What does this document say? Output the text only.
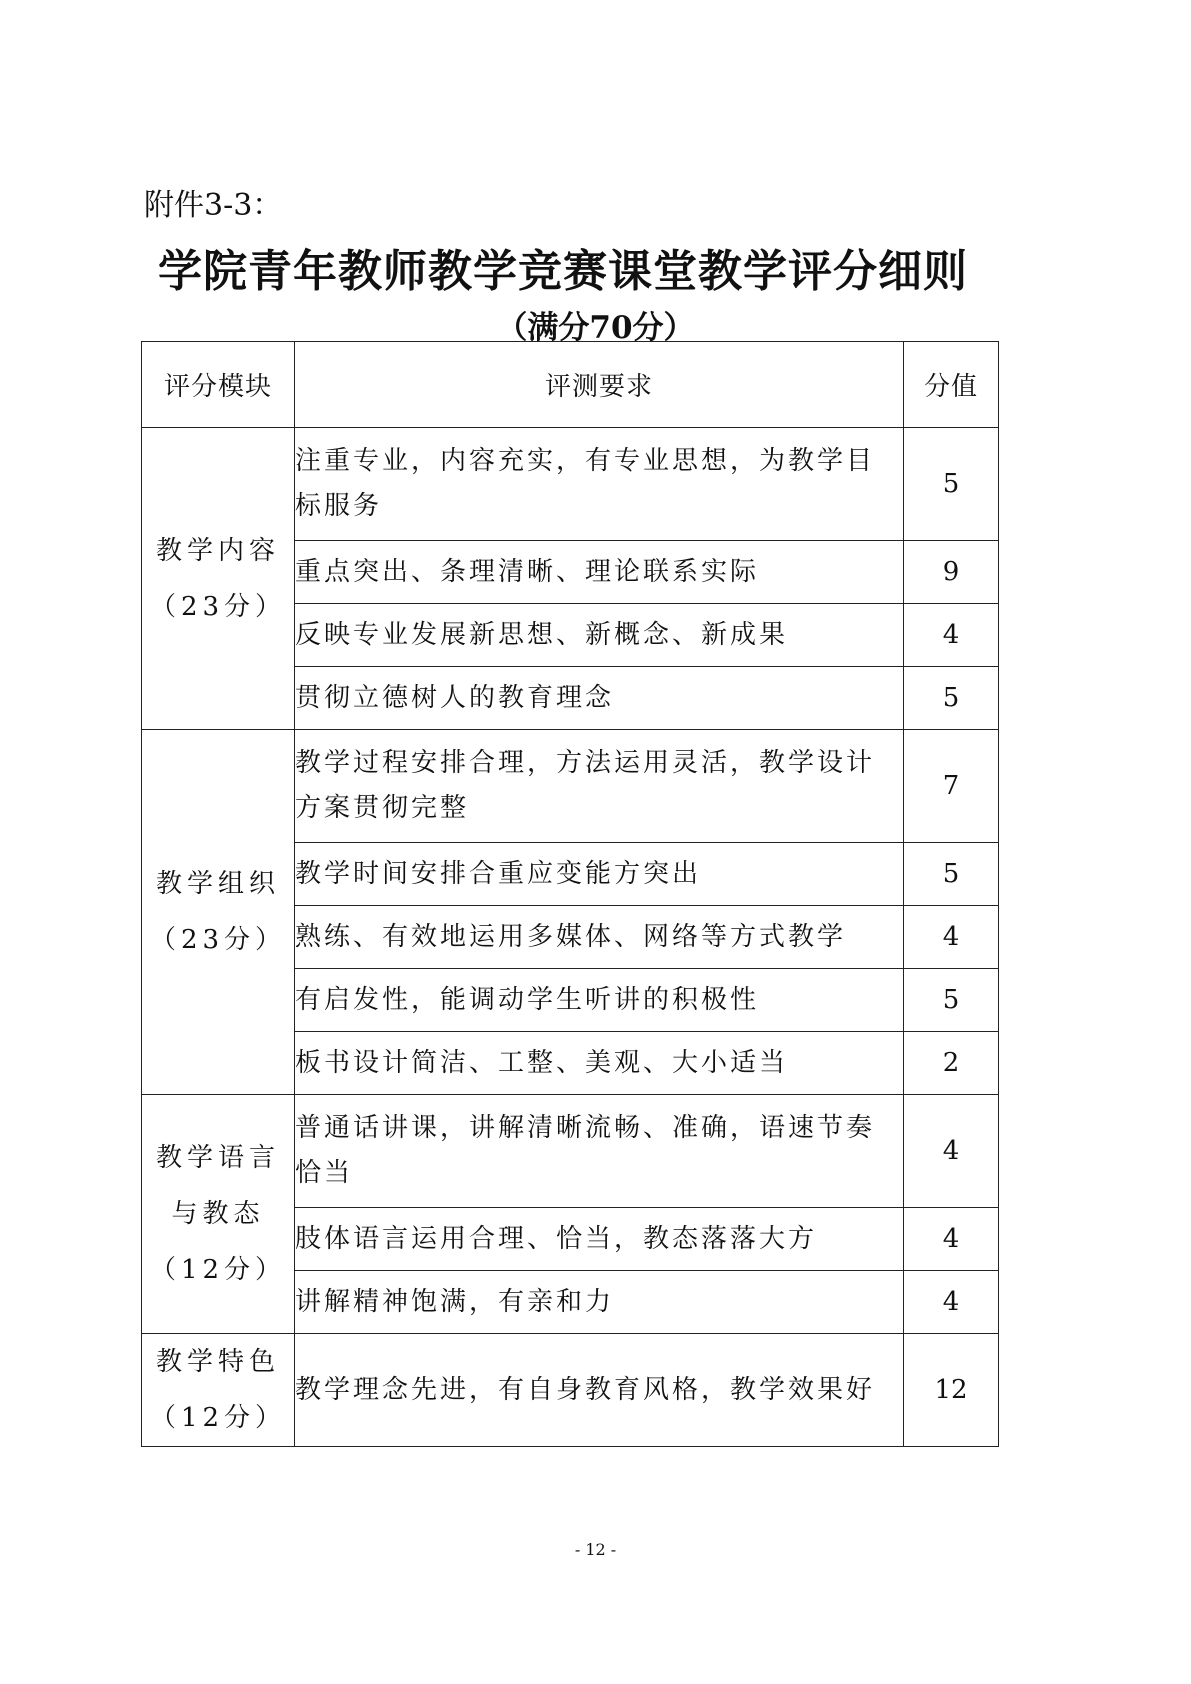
附件3-3：
学院青年教师教学竞赛课堂教学评分细则
（满分70分）
评分模块	评测要求	分值

教学内容
（23分）	注重专业，内容充实，有专业思想，为教学目标服务	5
	重点突出、条理清晰、理论联系实际	9
	反映专业发展新思想、新概念、新成果	4
	贯彻立德树人的教育理念	5

教学组织
（23分）	教学过程安排合理，方法运用灵活，教学设计方案贯彻完整	7
	教学时间安排合重应变能方突出	5
	熟练、有效地运用多媒体、网络等方式教学	4
	有启发性，能调动学生听讲的积极性	5
	板书设计简洁、工整、美观、大小适当	2

教学语言
与教态
（12分）	普通话讲课，讲解清晰流畅、准确，语速节奏恰当	4
	肢体语言运用合理、恰当，教态落落大方	4
	讲解精神饱满，有亲和力	4

教学特色
（12分）	教学理念先进，有自身教育风格，教学效果好	12
- 12 -
